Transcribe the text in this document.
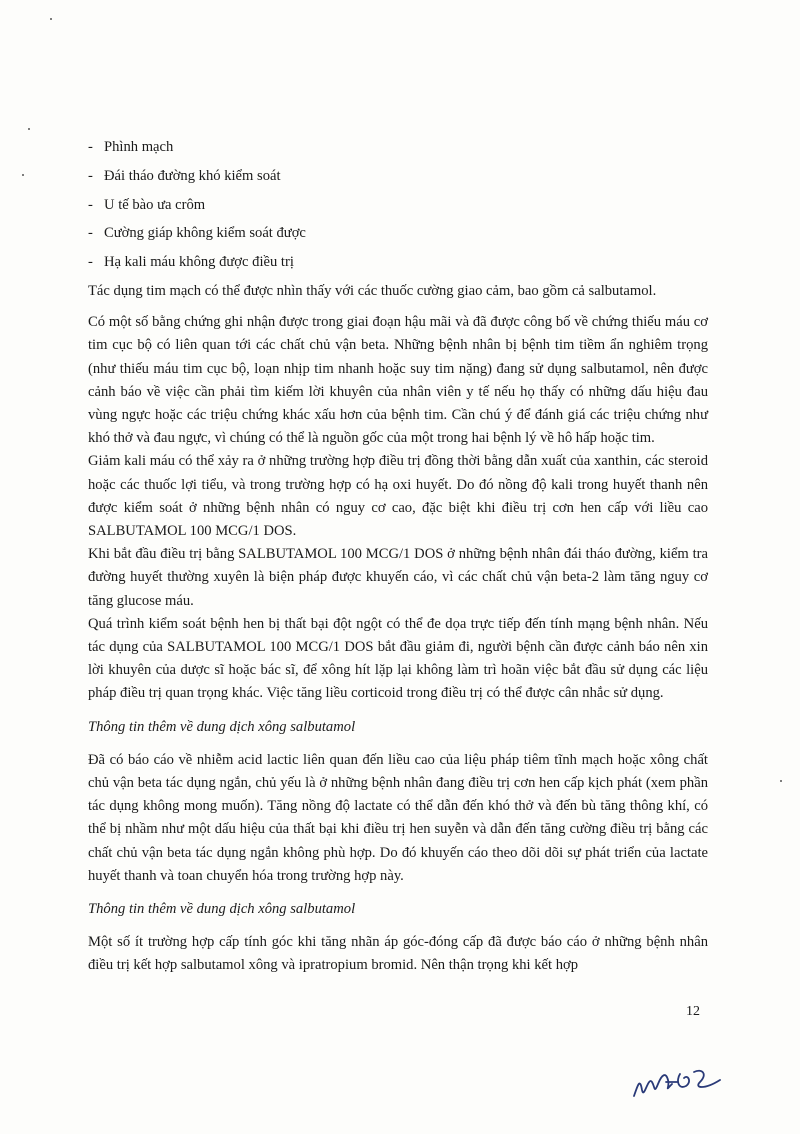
- Phình mạch
- Đái tháo đường khó kiểm soát
- U tế bào ưa crôm
- Cường giáp không kiểm soát được
- Hạ kali máu không được điều trị

Tác dụng tim mạch có thể được nhìn thấy với các thuốc cường giao cảm, bao gồm cả salbutamol.

Có một số bằng chứng ghi nhận được trong giai đoạn hậu mãi và đã được công bố về chứng thiếu máu cơ tim cục bộ có liên quan tới các chất chủ vận beta. Những bệnh nhân bị bệnh tim tiềm ẩn nghiêm trọng (như thiếu máu tim cục bộ, loạn nhịp tim nhanh hoặc suy tim nặng) đang sử dụng salbutamol, nên được cảnh báo về việc cần phải tìm kiếm lời khuyên của nhân viên y tế nếu họ thấy có những dấu hiệu đau vùng ngực hoặc các triệu chứng khác xấu hơn của bệnh tim. Cần chú ý để đánh giá các triệu chứng như khó thở và đau ngực, vì chúng có thể là nguồn gốc của một trong hai bệnh lý về hô hấp hoặc tim.

Giảm kali máu có thể xảy ra ở những trường hợp điều trị đồng thời bằng dẫn xuất của xanthin, các steroid hoặc các thuốc lợi tiểu, và trong trường hợp có hạ oxi huyết. Do đó nồng độ kali trong huyết thanh nên được kiểm soát ở những bệnh nhân có nguy cơ cao, đặc biệt khi điều trị cơn hen cấp với liều cao SALBUTAMOL 100 MCG/1 DOS.

Khi bắt đầu điều trị bằng SALBUTAMOL 100 MCG/1 DOS ở những bệnh nhân đái tháo đường, kiểm tra đường huyết thường xuyên là biện pháp được khuyến cáo, vì các chất chủ vận beta-2 làm tăng nguy cơ tăng glucose máu.

Quá trình kiểm soát bệnh hen bị thất bại đột ngột có thể đe dọa trực tiếp đến tính mạng bệnh nhân. Nếu tác dụng của SALBUTAMOL 100 MCG/1 DOS bắt đầu giảm đi, người bệnh cần được cảnh báo nên xin lời khuyên của dược sĩ hoặc bác sĩ, để xông hít lặp lại không làm trì hoãn việc bắt đầu sử dụng các liệu pháp điều trị quan trọng khác. Việc tăng liều corticoid trong điều trị có thể được cân nhắc sử dụng.

Thông tin thêm về dung dịch xông salbutamol

Đã có báo cáo về nhiễm acid lactic liên quan đến liều cao của liệu pháp tiêm tĩnh mạch hoặc xông chất chủ vận beta tác dụng ngắn, chủ yếu là ở những bệnh nhân đang điều trị cơn hen cấp kịch phát (xem phần tác dụng không mong muốn). Tăng nồng độ lactate có thể dẫn đến khó thở và đến bù tăng thông khí, có thể bị nhầm như một dấu hiệu của thất bại khi điều trị hen suyễn và dẫn đến tăng cường điều trị bằng các chất chủ vận beta tác dụng ngắn không phù hợp. Do đó khuyến cáo theo dõi dõi sự phát triển của lactate huyết thanh và toan chuyển hóa trong trường hợp này.

Thông tin thêm về dung dịch xông salbutamol

Một số ít trường hợp cấp tính góc khi tăng nhãn áp góc-đóng cấp đã được báo cáo ở những bệnh nhân điều trị kết hợp salbutamol xông và ipratropium bromid. Nên thận trọng khi kết hợp

12
